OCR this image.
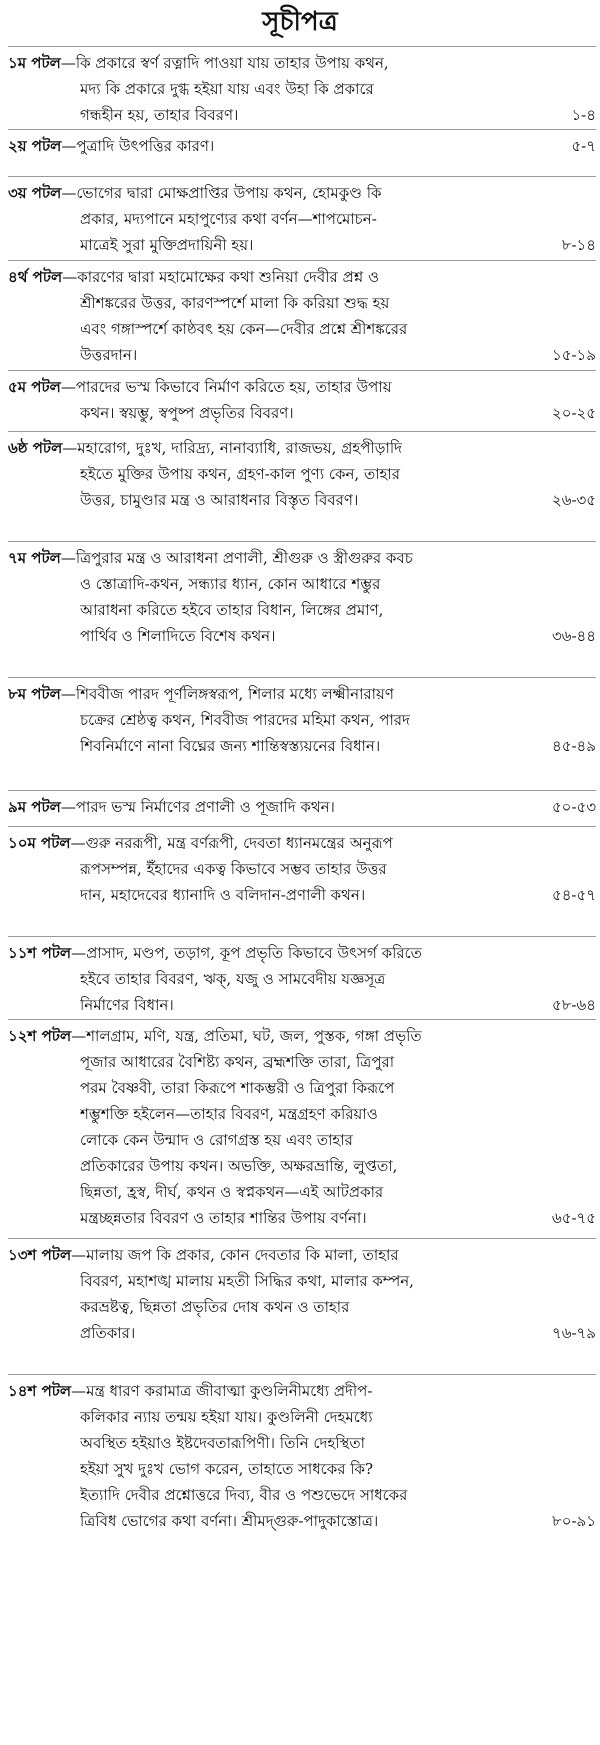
সূচীপত্র
১ম পটল—কি প্রকারে স্বর্ণ রত্নাদি পাওয়া যায় তাহার উপায় কথন,
মদ্য কি প্রকারে দুগ্ধ হইয়া যায় এবং উহা কি প্রকারে
গন্ধহীন হয়, তাহার বিবরণ।	১-৪
২য় পটল—পুত্রাদি উৎপত্তির কারণ।	৫-৭
৩য় পটল—ভোগের দ্বারা মোক্ষপ্রাপ্তির উপায় কথন, হোমকুণ্ড কি
প্রকার, মদ্যপানে মহাপুণ্যের কথা বর্ণন—শাপমোচন-
মাত্রেই সুরা মুক্তিপ্রদায়িনী হয়।	৮-১৪
৪র্থ পটল—কারণের দ্বারা মহামোক্ষের কথা শুনিয়া দেবীর প্রশ্ন ও
শ্রীশঙ্করের উত্তর, কারণস্পর্শে মালা কি করিয়া শুদ্ধ হয়
এবং গঙ্গাস্পর্শে কাষ্ঠবৎ হয় কেন—দেবীর প্রশ্নে শ্রীশঙ্করের
উত্তরদান।	১৫-১৯
৫ম পটল—পারদের ভস্ম কিভাবে নির্মাণ করিতে হয়, তাহার উপায়
কথন। স্বয়ম্ভু, স্বপুষ্প প্রভৃতির বিবরণ।	২০-২৫
৬ষ্ঠ পটল—মহারোগ, দুঃখ, দারিদ্র্য, নানাব্যাধি, রাজভয়, গ্রহপীড়াদি
হইতে মুক্তির উপায় কথন, গ্রহণ-কাল পুণ্য কেন, তাহার
উত্তর, চামুণ্ডার মন্ত্র ও আরাধনার বিস্তৃত বিবরণ।	২৬-৩৫
৭ম পটল—ত্রিপুরার মন্ত্র ও আরাধনা প্রণালী, শ্রীগুরু ও স্ত্রীগুরুর কবচ
ও স্তোত্রাদি-কথন, সন্ধ্যার ধ্যান, কোন আধারে শম্ভুর
আরাধনা করিতে হইবে তাহার বিধান, লিঙ্গের প্রমাণ,
পার্থিব ও শিলাদিতে বিশেষ কথন।	৩৬-৪৪
৮ম পটল—শিববীজ পারদ পূর্ণলিঙ্গস্বরূপ, শিলার মধ্যে লক্ষ্মীনারায়ণ
চক্রের শ্রেষ্ঠত্ব কথন, শিববীজ পারদের মহিমা কথন, পারদ
শিবনির্মাণে নানা বিঘ্নের জন্য শান্তিস্বস্ত্যয়নের বিধান।	৪৫-৪৯
৯ম পটল—পারদ ভস্ম নির্মাণের প্রণালী ও পূজাদি কথন।	৫০-৫৩
১০ম পটল—গুরু নররূপী, মন্ত্র বর্ণরূপী, দেবতা ধ্যানমন্ত্রের অনুরূপ
রূপসম্পন্ন, ইঁহাদের একত্ব কিভাবে সম্ভব তাহার উত্তর
দান, মহাদেবের ধ্যানাদি ও বলিদান-প্রণালী কথন।	৫৪-৫৭
১১শ পটল—প্রাসাদ, মণ্ডপ, তড়াগ, কূপ প্রভৃতি কিভাবে উৎসর্গ করিতে
হইবে তাহার বিবরণ, ঋক্, যজু ও সামবেদীয় যজ্ঞসূত্র
নির্মাণের বিধান।	৫৮-৬৪
১২শ পটল—শালগ্রাম, মণি, যন্ত্র, প্রতিমা, ঘট, জল, পুস্তক, গঙ্গা প্রভৃতি
পূজার আধারের বৈশিষ্ট্য কথন, ব্রহ্মশক্তি তারা, ত্রিপুরা
পরম বৈষ্ণবী, তারা কিরূপে শাকম্ভরী ও ত্রিপুরা কিরূপে
শম্ভুশক্তি হইলেন—তাহার বিবরণ, মন্ত্রগ্রহণ করিয়াও
লোকে কেন উন্মাদ ও রোগগ্রস্ত হয় এবং তাহার
প্রতিকারের উপায় কথন। অভক্তি, অক্ষরভ্রান্তি, লুপ্ততা,
ছিন্নতা, হ্রস্ব, দীর্ঘ, কথন ও স্বপ্নকথন—এই আটপ্রকার
মন্ত্রচ্ছন্নতার বিবরণ ও তাহার শান্তির উপায় বর্ণনা।	৬৫-৭৫
১৩শ পটল—মালায় জপ কি প্রকার, কোন দেবতার কি মালা, তাহার
বিবরণ, মহাশঙ্খ মালায় মহতী সিদ্ধির কথা, মালার কম্পন,
করভ্রষ্টত্ব, ছিন্নতা প্রভৃতির দোষ কথন ও তাহার
প্রতিকার।	৭৬-৭৯
১৪শ পটল—মন্ত্র ধারণ করামাত্র জীবাত্মা কুণ্ডলিনীমধ্যে প্রদীপ-
কলিকার ন্যায় তন্ময় হইয়া যায়। কুণ্ডলিনী দেহমধ্যে
অবস্থিত হইয়াও ইষ্টদেবতারূপিণী। তিনি দেহস্থিতা
হইয়া সুখ দুঃখ ভোগ করেন, তাহাতে সাধকের কি?
ইত্যাদি দেবীর প্রশ্নোত্তরে দিব্য, বীর ও পশুভেদে সাধকের
ত্রিবিধ ভোগের কথা বর্ণনা। শ্রীমদ্‌গুরু-পাদুকাস্তোত্র।	৮০-৯১
